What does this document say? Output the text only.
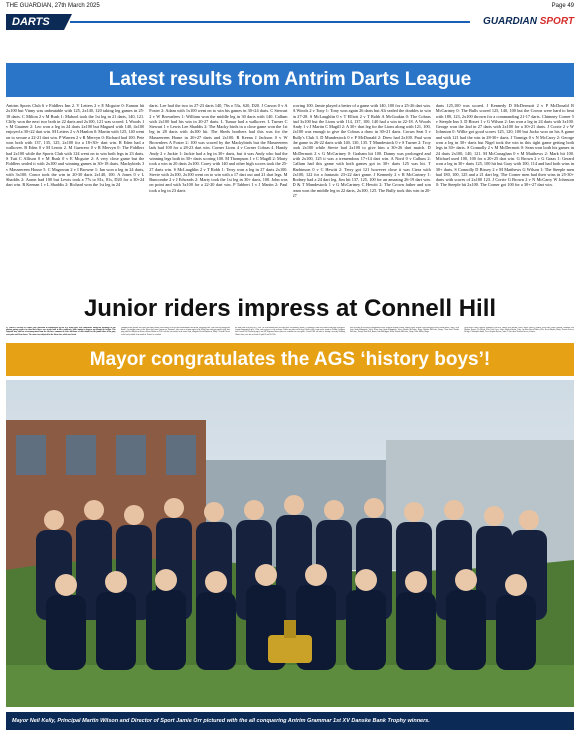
THE GUARDIAN, 27th March 2025	Page 49
DARTS	GUARDIAN SPORT
Latest results from Antrim Darts League
Antrim Sports Club 6 v Fiddlers Inn 2. V Letters 2 v E Mcguire 0: Eamon hit 2x100 but Vinny was unbeatable with 125, 2x140, 120 taking leg games in 25-18 darts. C Milton 2 v M Rush 1: Mabool took the 1st leg in 21 darts, 140, 121. Cliffy won the next two both in 22 darts and 2x100, 121 was scored. L Woods 1 v M Gaurner 2: Leo won a leg in 24 darts 2x100 but Magued with 140, 4x100 enjoyed a 30+22 dart win. M Letters 2 v A Hanlon 0: Martin with 125, 140 went on to secure a 22-21 dart win. P Warren 2 v R Mervyn 0: Richard had 100. Pete won both with 137, 135, 125, 2x100 for a 18+30+ dart win. R Eden had a walkover. B Eden 0 v M Lernis 2. M Guerrero 0 v R Mervyn 0: The Fiddlers had 2x100 while the Sports Club with 124 went on to win both legs in 23 darts. S Tutt C Allison 0 v M Rush 0 v E Mcguire 2: A very close game but the Fiddlers sealed it with 2x100 and winning games in 30+18 darts. Mackybirds 3 v Masseereen House 5. C Magowan 2 v I Browne 1: Ian won a leg in 24 darts, with 3x100. Conor took the win in 20-30 darts 2x140, 100. A Jones 0 v L Shaddis 2: Aaron had 100 but Lewis took a 77s to 81s, 81s, D20 for a 30+24 dart win. R Keenan 1 v L Shaddis 2: Richard won the 1st leg in 24
darts. Lee had the two in 27-23 darts 140, 76s o 53s, S20, D20. J Carson 0 v A Foster 2: Adam with 1x100 went on to win his games in 30+24 darts. C Stewart 2 v W Brownlees 1: William won the middle leg in 30 darts with 140. Callum with 2x100 had his win in 20-27 darts. L Tumar had a walkover. L Turner C Stewart 1 v Lewis Lee Shaddis 2: The Macky birds in a close game won the 1st leg in 28 darts with 4x100 hit. The Sheds brothers had this was for the Masseereen Home in 20+27 darts and 2x100. R Keena J Jackson 0 v W Brownlees A Foster 2: 100 was scored by the Mackybirds but the Masseereen lads had 100 for a 28-23 dart win. Corner Lions 4 v Corner Cobras 4. Handy Andy 2 v Jackie 1: Jackie had a leg in 30+ darts, but it was Andy who had the winning legs both in 30+ darts scoring 100. M Thompson 1 v C Magill 2: Marty took a win in 20 darts 2x100. Corey with 140 and other high scores took the 25-27 darts win. S McLaughlin 2 v T Robb 1: Terry won a leg in 27 darts 2x100. Stevie with 2x100, 2x100 went on to win with a 17 dart out and 21 dart legs. M Buncombe 2 v J Edwards 2: Marty took the 1st leg in 30+ darts, 100. John was on point and with 3x100 for a 22-20 dart win. P Tabbert 1 v J Martin 2: Paul took a leg in 23 darts
scoring 100. Jamie played a better of a game with 140, 100 for a 25-26 dart win. A Woods 2 v Tony 1: Tony won again 26 darts but Ali sealed the doubles to win in 27-28. S McLaughlin 0 v T Elliott 2 v T Robb A McGoakin 0: The Cobras had 3x100 but the Lions with 114, 137, 100, 140 had a win in 22-18. A Woods Andy 1 v J Martin C Magill 2: A 30+ dart leg for the Lions along with 121, 100, 2x100 was enough to give the Cobras a draw in 30+21 darts. Crown Seat 5 v Bully's Club 3. D Mundestock 0 v P McDonald 2: Drew had 2x100. Paul won the game in 26-22 darts with 140, 130, 135. T Mundestock 0 v S Turner 2: Troy took 2x100 while Stevie had 2x100 to give him a 30+26 dart match. D McDermott 2 v G McCartney 0: Graham hit 100. Danny was prolonged and with 2x100, 125 it was a tremendous 17+14 dart win. A Nord 0 v Callum 2: Callum had this game with both games got in 30+ darts 125 was hit. T Harbinson 0 v C Hewitt 2: Terry got 121 however close it was Ciera with 2x100, 122 for a fantastic 23+22 dart game. J Kennedy 2 v R McCartney 1: Rodney had a 24 dart leg. Jim hit 137, 125, 100 for an amazing 26-19 dart win. D & T Mundestock 1 v G McCartney C Hewitt 2: The Crown father and son team won the middle leg in 22 darts, 2x100, 125. The Bully took this win in 20-27
darts 125,100 was scored. J Kennedy D McDermott 2 v P McDonald R McCartney 0: The Bulls scored 125, 140, 100 but the Crown were hard to beat with 180, 123, 2x100 thrown for a commanding 21-17 darts. Chimney Corner 5 v Steeple Inn 3. D Bisset 1 v G Wilson 2: Ian won a leg in 24 darts with 3x100. George won the 2nd in 27 darts with 2x100 for a 30+21 darts. J Corrie 2 v W Johnston 0: Willie got good scores 125, 120, 100 but Jacko won on his A game and with 121 had the win in 28-30+ darts. J Tonnigs 0 v N McCarry 2: George won a leg in 30+ darts but Nigel took the win in this tight game getting both legs in 30+ darts. S Connolly 2 v M McDermott 0: Sean won both his games in 24 darts 2x100, 140, 121. M McConaghan 0 v M Matthews 2: Mark hit 100. Michael used 100, 100 for a 20+25 dart win. G Brown 2 v G Graas 1: Gerard won a leg in 30+ darts 125, 100 hit but Gary with 100, 114 and had both wins in 30+ darts. S Connolly D Bissey 2 v M Matthews G Wilson 1: The Steeple men had 180, 100, 125 and a 21 dart leg. The Corner men had their wins in 25-30+ darts with scores of 2x100 123. J Corrie G Brown 2 v N McCarry W Johnston 0: The Steeple hit 2x100. The Corner got 100 for a 30+-27 dart win.
Junior riders impress at Connell Hill
ST Patrick's weekend at Connell Hill Equestrian in Randalstown got off to a flying start, with competitors taking full advantage of this glorious spring weather to school their horses over tracks built to offer confidence, while aiming to progress up through the heights. This enjoyable day, with lots of encouragement from the side-lines, commenced with a full house of clear rounds for the junior riders in the pony cross-poles and 50cm classes. The contest was adjusted for the 60cm class, which saw Sarah
Kirkpatrick and Naoishe McFealne with super double clear rounds. Dean Bell then demonstrated his talents, emerging in the 70cm class on young horse 'Bruno'. An outright winner of the 80cm was Laura Canavan on 'Diamond', who went on to jump again in the 90cm class achieving another joint first, tying with Ben Maybin on Kenner. Karen Walker on 'Ellie' took the red rosettes in the metre class, alongside Kevin Maybin on 'Misty'. Victoria Grieves took a lovely double clear round on 'Poteter' to conclude
the final class of the day, the 1.10m. The next training show will take place on Saturday, March 29, starting at 10am with classes from pony cross-poles (assisted/unassisted) up to 1.20m, and everyone is very welcome. Entries are taken on the day. Details of all events can be found on Gillian Creighton and Connell Hill Facebook pages, and SJI Registered shows dates are available on www.sjidev. Connell Hill will also be hosting a two-day Working Hunter show, over the weekend of April 19 and 20. This
show will take in all classes in preparation for the Northern Ireland Festival. Entries online. Results. Pony cross-poles class: Sorcha Maher, Angel. 50cm class: Sarah Kirkpatrick, Volvo. 60cm class: Sarah Kirkpatrick, Volvo; Naoishe McFealne, Harry; Naoishe McFealne, Donny. 70cm class: Naoishe McFealne, Donny; Dean Bell, Bruno; John McKiggan, Dolly; Naoishe McFealne, Harry; Chloe Millar, Ringo.
80cm class: Laura Canavan, Diamond; Dean Bell, Bunny; Ben Maybin, Louis; Anglee Hancey, Artbrin. 90cm class: Laura Canavan, Diamond; Ben Maybin, Romeo; Tia Wilson, Ellie; Paul Caves, Louis; Stephen Brown, Cody. 1m class: Karen Walker, Ellie; Kevin Maybin, Misty; Victoria Grieves, Hexage; Christopher Smith, Crew; Stephen Brown, Cutter. 1.10m class: Victoria Grieves, Penteter.
Mayor congratulates the AGS ‘history boys’!
Mayor Neil Kelly, Principal Martin Wilson and Director of Sport Jamie Orr pictured with the all conquering Antrim Grammar 1st XV Danske Bank Trophy winners.
